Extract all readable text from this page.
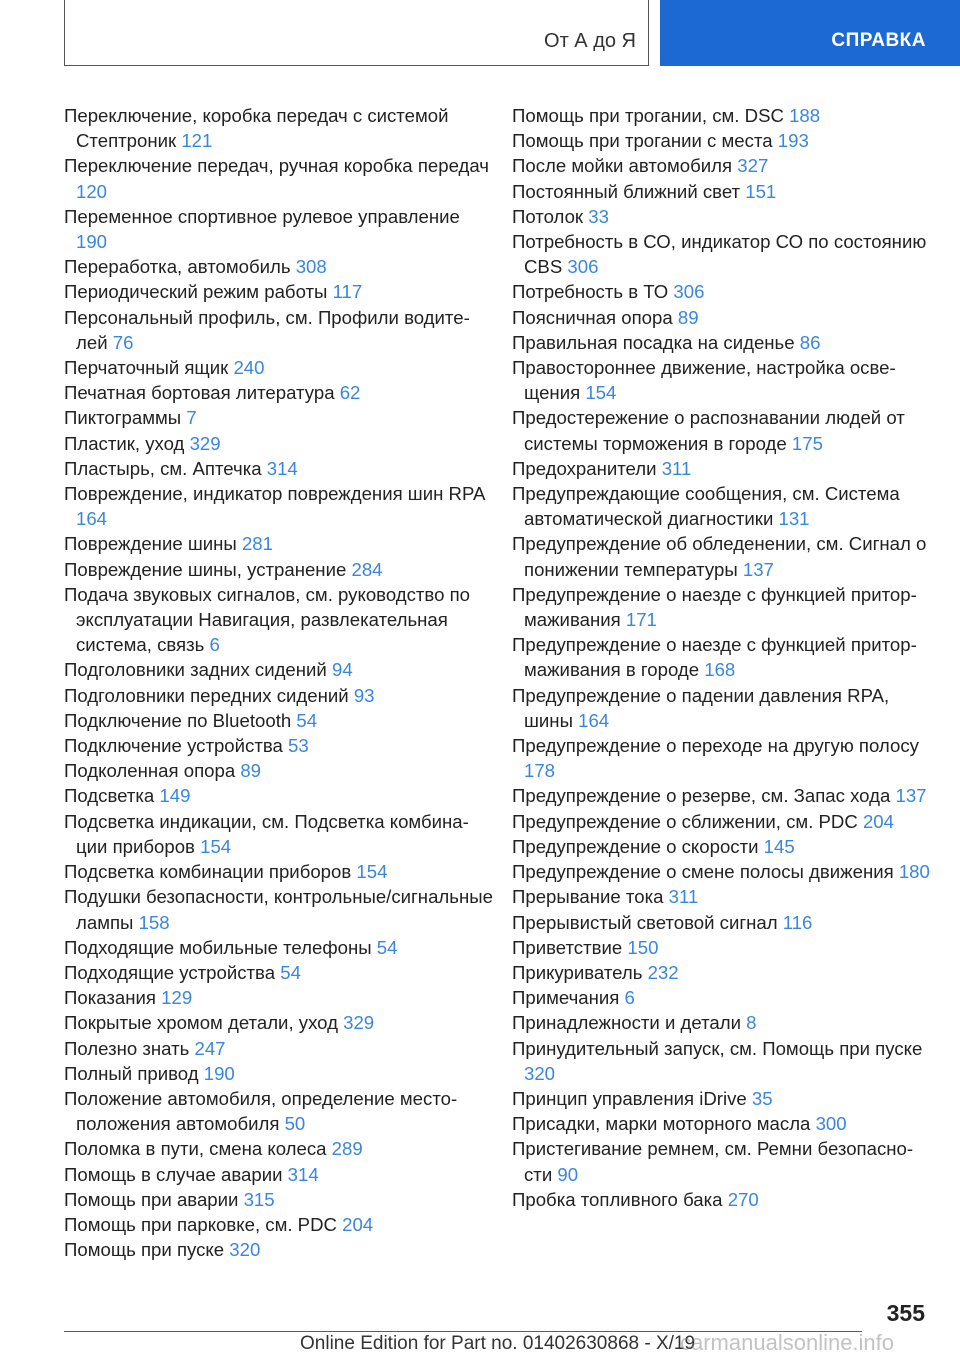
От А до Я	СПРАВКА
Переключение, коробка передач с системой Стептроник 121
Переключение передач, ручная коробка передач 120
Переменное спортивное рулевое управление 190
Переработка, автомобиль 308
Периодический режим работы 117
Персональный профиль, см. Профили водителей 76
Перчаточный ящик 240
Печатная бортовая литература 62
Пиктограммы 7
Пластик, уход 329
Пластырь, см. Аптечка 314
Повреждение, индикатор повреждения шин RPA 164
Повреждение шины 281
Повреждение шины, устранение 284
Подача звуковых сигналов, см. руководство по эксплуатации Навигация, развлекательная система, связь 6
Подголовники задних сидений 94
Подголовники передних сидений 93
Подключение по Bluetooth 54
Подключение устройства 53
Подколенная опора 89
Подсветка 149
Подсветка индикации, см. Подсветка комбинации приборов 154
Подсветка комбинации приборов 154
Подушки безопасности, контрольные/сигнальные лампы 158
Подходящие мобильные телефоны 54
Подходящие устройства 54
Показания 129
Покрытые хромом детали, уход 329
Полезно знать 247
Полный привод 190
Положение автомобиля, определение местоположения автомобиля 50
Поломка в пути, смена колеса 289
Помощь в случае аварии 314
Помощь при аварии 315
Помощь при парковке, см. PDC 204
Помощь при пуске 320
Помощь при трогании, см. DSC 188
Помощь при трогании с места 193
После мойки автомобиля 327
Постоянный ближний свет 151
Потолок 33
Потребность в СО, индикатор СО по состоянию CBS 306
Потребность в ТО 306
Поясничная опора 89
Правильная посадка на сиденье 86
Правостороннее движение, настройка освещения 154
Предостережение о распознавании людей от системы торможения в городе 175
Предохранители 311
Предупреждающие сообщения, см. Система автоматической диагностики 131
Предупреждение об обледенении, см. Сигнал о понижении температуры 137
Предупреждение о наезде с функцией притормаживания 171
Предупреждение о наезде с функцией притормаживания в городе 168
Предупреждение о падении давления RPA, шины 164
Предупреждение о переходе на другую полосу 178
Предупреждение о резерве, см. Запас хода 137
Предупреждение о сближении, см. PDC 204
Предупреждение о скорости 145
Предупреждение о смене полосы движения 180
Прерывание тока 311
Прерывистый световой сигнал 116
Приветствие 150
Прикуриватель 232
Примечания 6
Принадлежности и детали 8
Принудительный запуск, см. Помощь при пуске 320
Принцип управления iDrive 35
Присадки, марки моторного масла 300
Пристегивание ремнем, см. Ремни безопасности 90
Пробка топливного бака 270
355
Online Edition for Part no. 01402630868 - X/19
carmanualsonline.info
